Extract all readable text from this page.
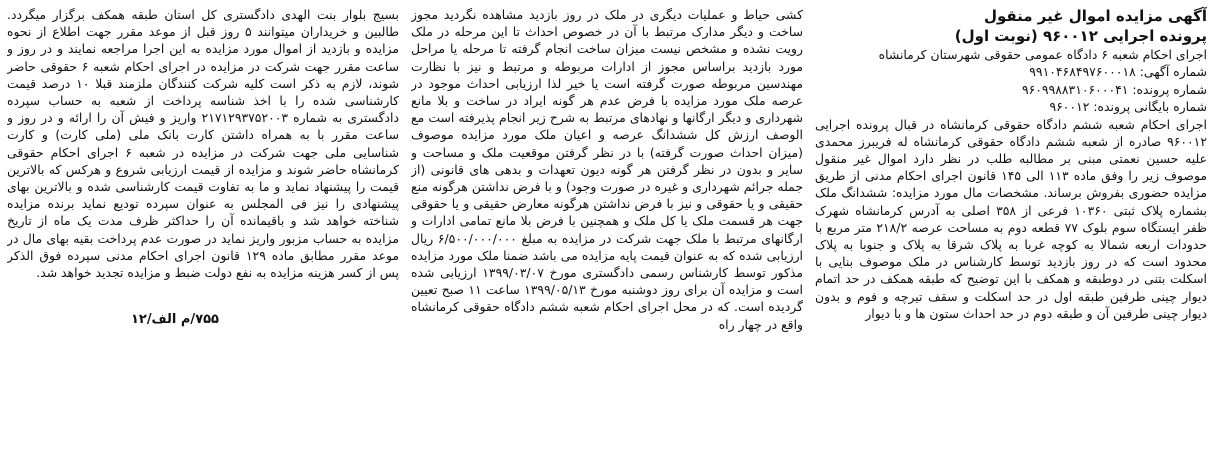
آگهی مزایده اموال غیر منقول

پرونده اجرایی ۹۶۰۰۱۲ (نوبت اول)

اجرای احکام شعبه ۶ دادگاه عمومی حقوقی شهرستان کرمانشاه

شماره آگهی: ۹۹۱۰۴۶۸۴۹۷۶۰۰۰۱۸

شماره پرونده: ۹۶۰۹۹۸۸۳۱۰۶۰۰۰۴۱

شماره بایگانی پرونده: ۹۶۰۰۱۲

اجرای احکام شعبه ششم دادگاه حقوقی کرمانشاه در قبال پرونده اجرایی ۹۶۰۰۱۲ صادره از شعبه ششم دادگاه حقوقی کرمانشاه له فریبرز محمدی علیه حسین نعمتی مبنی بر مطالبه طلب در نظر دارد اموال غیر منقول موصوف زیر را وفق ماده ۱۱۳ الی ۱۴۵ قانون اجرای احکام مدنی از طریق مزایده حضوری بفروش برساند. مشخصات مال مورد مزایده: ششدانگ ملک بشماره پلاک ثبتی ۱۰۳۶۰ فرعی از ۳۵۸ اصلی به آدرس کرمانشاه شهرک ظفر ایستگاه سوم بلوک ۷۷ قطعه دوم به مساحت عرصه ۲۱۸/۲ متر مربع با حدودات اربعه شمالا به کوچه غربا به پلاک شرقا به پلاک و جنوبا به پلاک محدود است که در روز بازدید توسط کارشناس در ملک موصوف بنایی با اسکلت بتنی در دوطبقه و همکف با این توضیح که طبقه همکف در حد اتمام دیوار چینی طرفین طبقه اول در حد اسکلت و سقف تیرچه و فوم و بدون دیوار چینی طرفین آن و طبقه دوم در حد احداث ستون ها و با دیوار

کشی حیاط و عملیات دیگری در ملک در روز بازدید مشاهده نگردید مجوز ساخت و دیگر مدارک مرتبط با آن در خصوص احداث تا این مرحله در ملک رویت نشده و مشخص نیست میزان ساخت انجام گرفته تا مرحله یا مراحل مورد بازدید براساس مجوز از ادارات مربوطه و مرتبط و نیز با نظارت مهندسین مربوطه صورت گرفته است یا خیر لذا ارزیابی احداث موجود در عرصه ملک مورد مزایده با فرض عدم هر گونه ایراد در ساخت و بلا مانع شهرداری و دیگر ارگانها و نهادهای مرتبط به شرح زیر انجام پذیرفته است مع الوصف ارزش کل ششدانگ عرصه و اعیان ملک مورد مزایده موصوف (میزان احداث صورت گرفته) با در نظر گرفتن موقعیت ملک و مساحت و سایر و بدون در نظر گرفتن هر گونه دیون تعهدات و بدهی های قانونی (از جمله جرائم شهرداری و غیره در صورت وجود) و با فرض نداشتن هرگونه منع حقیقی و یا حقوقی و نیز با فرض نداشتن هرگونه معارض حقیقی و یا حقوقی جهت هر قسمت ملک یا کل ملک و همچنین با فرض بلا مانع تمامی ادارات و ارگانهای مرتبط با ملک جهت شرکت در مزایده به مبلغ ۶/۵۰۰/۰۰۰/۰۰۰ ریال ارزیابی شده که به عنوان قیمت پایه مزایده می باشد ضمنا ملک مورد مزایده مذکور توسط کارشناس رسمی دادگستری مورخ ۱۳۹۹/۰۳/۰۷ ارزیابی شده است و مزایده آن برای روز دوشنبه مورخ ۱۳۹۹/۰۵/۱۳ ساعت ۱۱ صبح تعیین گردیده است. که در محل اجرای احکام شعبه ششم دادگاه حقوقی کرمانشاه واقع در چهار راه

بسیج بلوار بنت الهدی دادگستری کل استان طبقه همکف برگزار میگردد. طالبین و خریداران میتوانند ۵ روز قبل از موعد مقرر جهت اطلاع از نحوه مزایده و بازدید از اموال مورد مزایده به این اجرا مراجعه نمایند و در روز و ساعت مقرر جهت شرکت در مزایده در اجرای احکام شعبه ۶ حقوقی حاضر شوند، لازم به ذکر است کلیه شرکت کنندگان ملزمند قبلا ۱۰ درصد قیمت کارشناسی شده را با اخذ شناسه پرداخت از شعبه به حساب سپرده دادگستری به شماره ۲۱۷۱۲۹۳۷۵۲۰۰۳ واریز و فیش آن را ارائه و در روز و ساعت مقرر با به همراه داشتن کارت بانک ملی (ملی کارت) و کارت شناسایی ملی جهت شرکت در مزایده در شعبه ۶ اجرای احکام حقوقی کرمانشاه حاضر شوند و مزایده از قیمت ارزیابی شروع و هرکس که بالاترین قیمت را پیشنهاد نماید و ما به تفاوت قیمت کارشناسی شده و بالاترین بهای پیشنهادی را نیز فی المجلس به عنوان سپرده تودیع نماید برنده مزایده شناخته خواهد شد و باقیمانده آن را حداکثر ظرف مدت یک ماه از تاریخ مزایده به حساب مزبور واریز نماید در صورت عدم پرداخت بقیه بهای مال در موعد مقرر مطابق ماده ۱۲۹ قانون اجرای احکام مدنی سپرده فوق الذکر پس از کسر هزینه مزایده به نفع دولت ضبط و مزایده تجدید خواهد شد.

۷۵۵/م الف/۱۲
